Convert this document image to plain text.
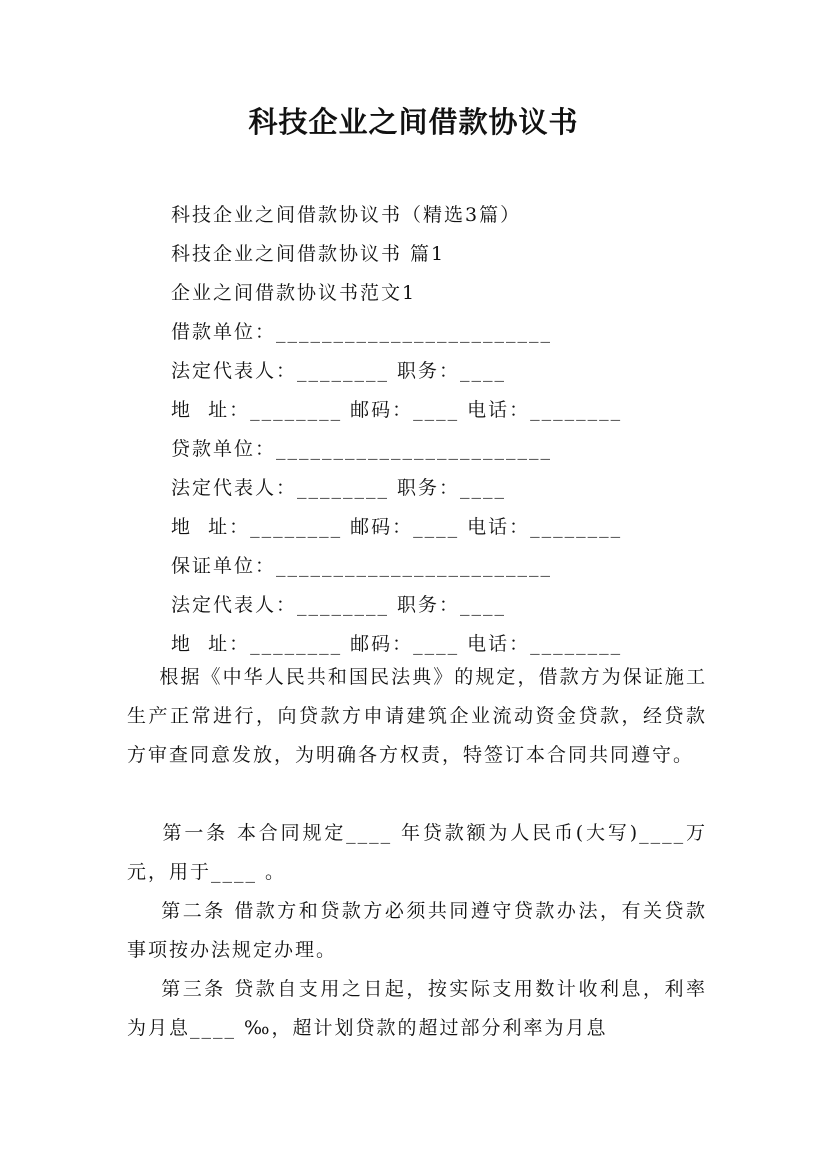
科技企业之间借款协议书
科技企业之间借款协议书（精选3篇）
科技企业之间借款协议书 篇1
企业之间借款协议书范文1
借款单位：________________________
法定代表人：________ 职务：____
地  址：________ 邮码：____ 电话：________
贷款单位：________________________
法定代表人：________ 职务：____
地  址：________ 邮码：____ 电话：________
保证单位：________________________
法定代表人：________ 职务：____
地  址：________ 邮码：____ 电话：________
根据《中华人民共和国民法典》的规定，借款方为保证施工生产正常进行，向贷款方申请建筑企业流动资金贷款，经贷款方审查同意发放，为明确各方权责，特签订本合同共同遵守。
第一条 本合同规定____ 年贷款额为人民币(大写)____万元，用于____ 。
第二条 借款方和贷款方必须共同遵守贷款办法，有关贷款事项按办法规定办理。
第三条 贷款自支用之日起，按实际支用数计收利息，利率为月息____ ‰，超计划贷款的超过部分利率为月息
